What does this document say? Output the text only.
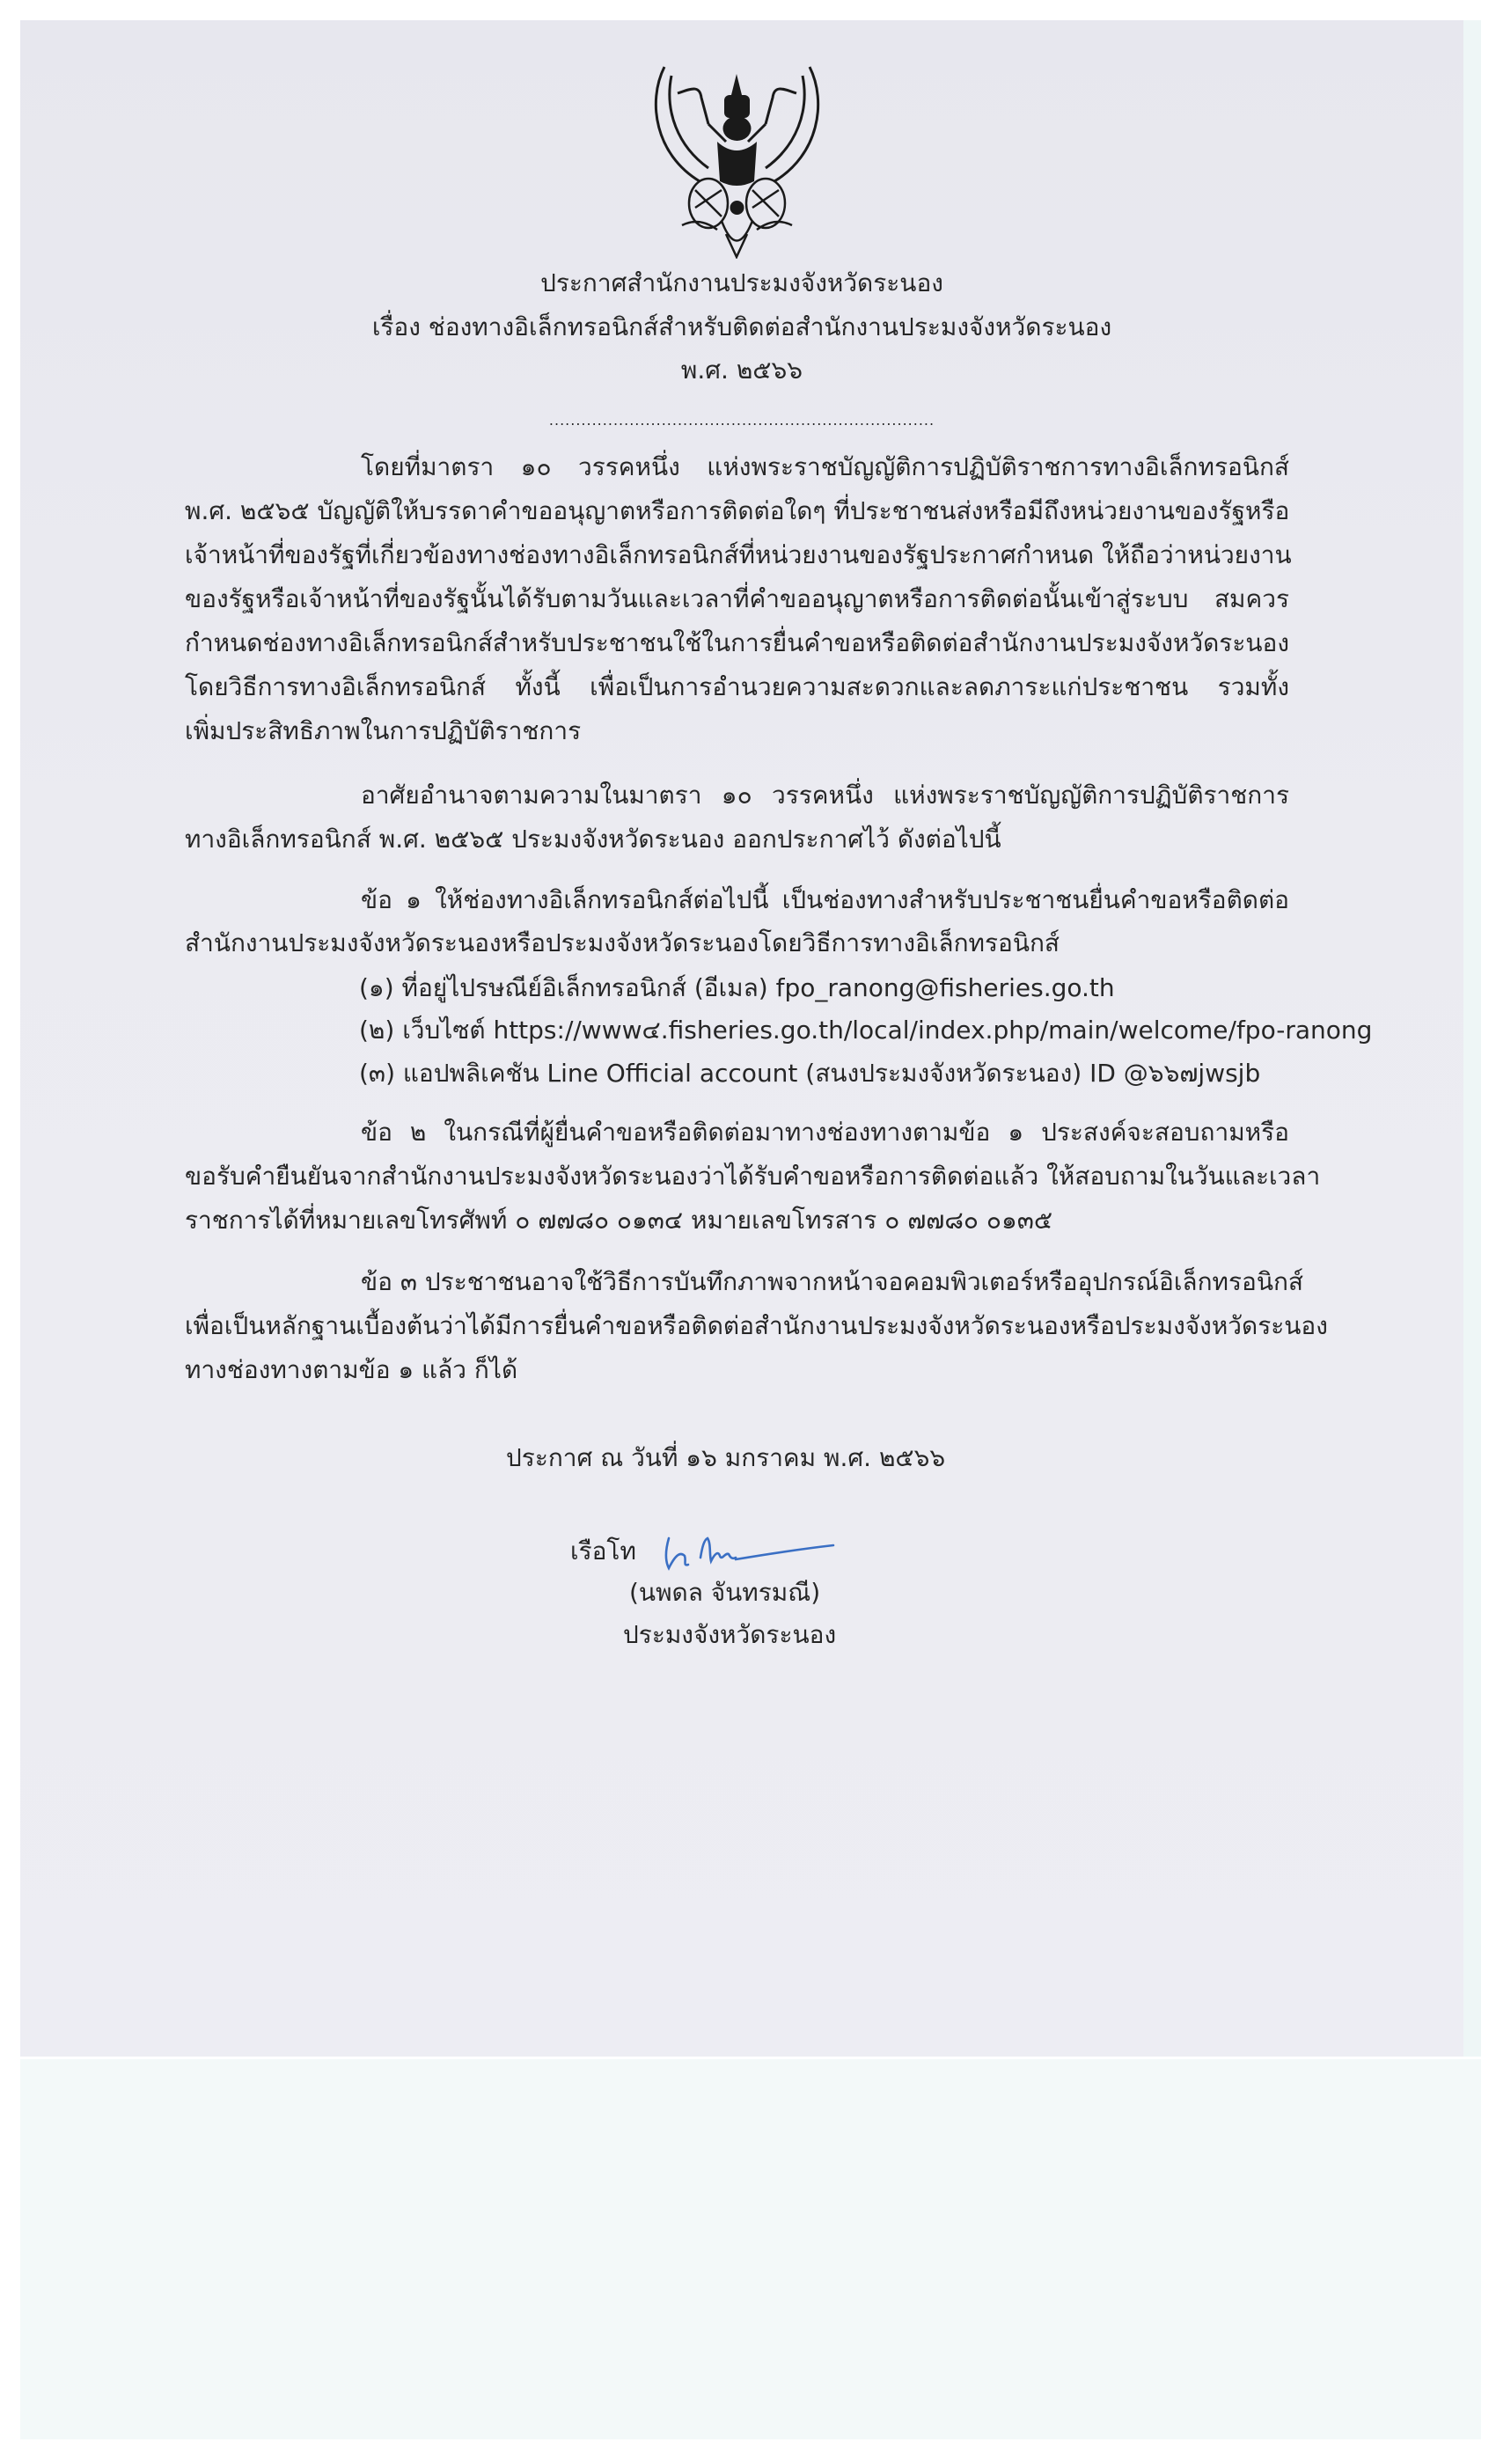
ประกาศสำนักงานประมงจังหวัดระนอง
เรื่อง ช่องทางอิเล็กทรอนิกส์สำหรับติดต่อสำนักงานประมงจังหวัดระนอง
พ.ศ. ๒๕๖๖
........................................................................
โดยที่มาตรา ๑๐ วรรคหนึ่ง แห่งพระราชบัญญัติการปฏิบัติราชการทางอิเล็กทรอนิกส์
พ.ศ. ๒๕๖๕ บัญญัติให้บรรดาคำขออนุญาตหรือการติดต่อใดๆ ที่ประชาชนส่งหรือมีถึงหน่วยงานของรัฐหรือ
เจ้าหน้าที่ของรัฐที่เกี่ยวข้องทางช่องทางอิเล็กทรอนิกส์ที่หน่วยงานของรัฐประกาศกำหนด ให้ถือว่าหน่วยงาน
ของรัฐหรือเจ้าหน้าที่ของรัฐนั้นได้รับตามวันและเวลาที่คำขออนุญาตหรือการติดต่อนั้นเข้าสู่ระบบ สมควร
กำหนดช่องทางอิเล็กทรอนิกส์สำหรับประชาชนใช้ในการยื่นคำขอหรือติดต่อสำนักงานประมงจังหวัดระนอง
โดยวิธีการทางอิเล็กทรอนิกส์ ทั้งนี้ เพื่อเป็นการอำนวยความสะดวกและลดภาระแก่ประชาชน รวมทั้ง
เพิ่มประสิทธิภาพในการปฏิบัติราชการ
อาศัยอำนาจตามความในมาตรา ๑๐ วรรคหนึ่ง แห่งพระราชบัญญัติการปฏิบัติราชการ
ทางอิเล็กทรอนิกส์ พ.ศ. ๒๕๖๕ ประมงจังหวัดระนอง ออกประกาศไว้ ดังต่อไปนี้
ข้อ ๑ ให้ช่องทางอิเล็กทรอนิกส์ต่อไปนี้ เป็นช่องทางสำหรับประชาชนยื่นคำขอหรือติดต่อ
สำนักงานประมงจังหวัดระนองหรือประมงจังหวัดระนองโดยวิธีการทางอิเล็กทรอนิกส์
(๑) ที่อยู่ไปรษณีย์อิเล็กทรอนิกส์ (อีเมล) fpo_ranong@fisheries.go.th
(๒) เว็บไซต์ https://www๔.fisheries.go.th/local/index.php/main/welcome/fpo-ranong
(๓) แอปพลิเคชัน Line Official account (สนงประมงจังหวัดระนอง) ID @๖๖๗jwsjb
ข้อ ๒ ในกรณีที่ผู้ยื่นคำขอหรือติดต่อมาทางช่องทางตามข้อ ๑ ประสงค์จะสอบถามหรือ
ขอรับคำยืนยันจากสำนักงานประมงจังหวัดระนองว่าได้รับคำขอหรือการติดต่อแล้ว ให้สอบถามในวันและเวลา
ราชการได้ที่หมายเลขโทรศัพท์ ๐ ๗๗๘๐ ๐๑๓๔ หมายเลขโทรสาร ๐ ๗๗๘๐ ๐๑๓๕
ข้อ ๓ ประชาชนอาจใช้วิธีการบันทึกภาพจากหน้าจอคอมพิวเตอร์หรืออุปกรณ์อิเล็กทรอนิกส์
เพื่อเป็นหลักฐานเบื้องต้นว่าได้มีการยื่นคำขอหรือติดต่อสำนักงานประมงจังหวัดระนองหรือประมงจังหวัดระนอง
ทางช่องทางตามข้อ ๑ แล้ว ก็ได้
ประกาศ ณ วันที่ ๑๖ มกราคม พ.ศ. ๒๕๖๖
เรือโท
(นพดล จันทรมณี)
ประมงจังหวัดระนอง
